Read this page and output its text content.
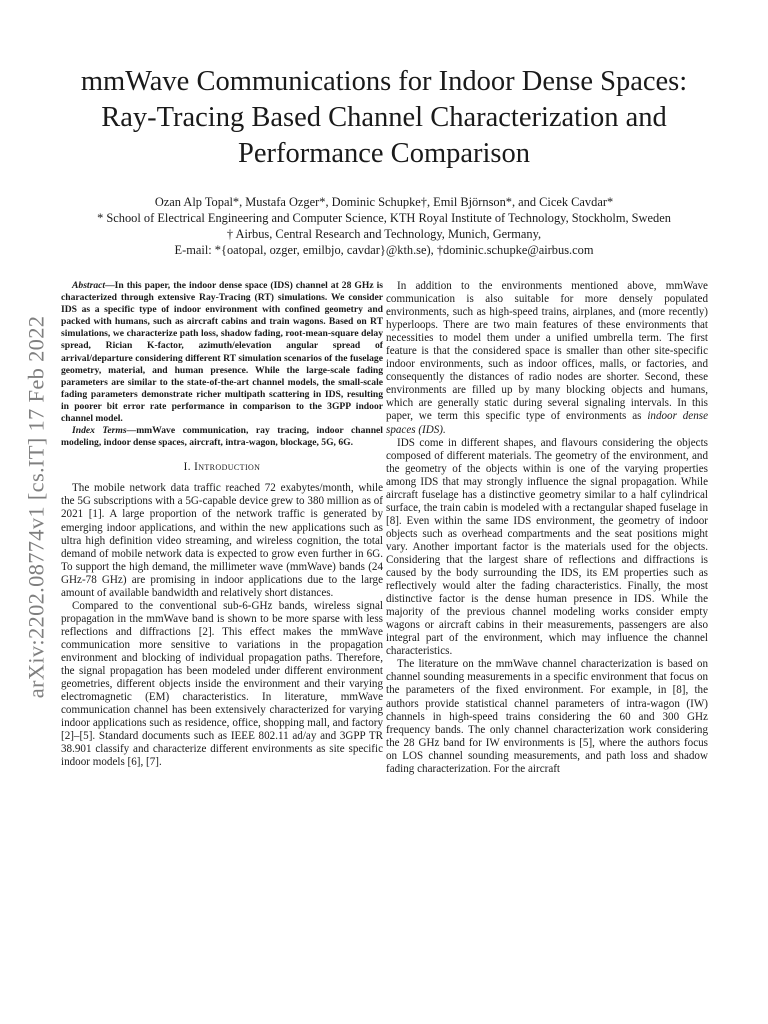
arXiv:2202.08774v1 [cs.IT] 17 Feb 2022
mmWave Communications for Indoor Dense Spaces: Ray-Tracing Based Channel Characterization and Performance Comparison
Ozan Alp Topal*, Mustafa Ozger*, Dominic Schupke†, Emil Björnson*, and Cicek Cavdar*
* School of Electrical Engineering and Computer Science, KTH Royal Institute of Technology, Stockholm, Sweden
† Airbus, Central Research and Technology, Munich, Germany,
E-mail: *{oatopal, ozger, emilbjo, cavdar}@kth.se), †dominic.schupke@airbus.com

Abstract—In this paper, the indoor dense space (IDS) channel at 28 GHz is characterized through extensive Ray-Tracing (RT) simulations. We consider IDS as a specific type of indoor environment with confined geometry and packed with humans, such as aircraft cabins and train wagons. Based on RT simulations, we characterize path loss, shadow fading, root-mean-square delay spread, Rician K-factor, azimuth/elevation angular spread of arrival/departure considering different RT simulation scenarios of the fuselage geometry, material, and human presence. While the large-scale fading parameters are similar to the state-of-the-art channel models, the small-scale fading parameters demonstrate richer multipath scattering in IDS, resulting in poorer bit error rate performance in comparison to the 3GPP indoor channel model.

Index Terms—mmWave communication, ray tracing, indoor channel modeling, indoor dense spaces, aircraft, intra-wagon, blockage, 5G, 6G.

I. Introduction

The mobile network data traffic reached 72 exabytes/month, while the 5G subscriptions with a 5G-capable device grew to 380 million as of 2021 [1]. A large proportion of the network traffic is generated by emerging indoor applications, and within the new applications such as ultra high definition video streaming, and wireless cognition, the total demand of mobile network data is expected to grow even further in 6G. To support the high demand, the millimeter wave (mmWave) bands (24 GHz-78 GHz) are promising in indoor applications due to the large amount of available bandwidth and relatively short distances.

Compared to the conventional sub-6-GHz bands, wireless signal propagation in the mmWave band is shown to be more sparse with less reflections and diffractions [2]. This effect makes the mmWave communication more sensitive to variations in the propagation environment and blocking of individual propagation paths. Therefore, the signal propagation has been modeled under different environment geometries, different objects inside the environment and their varying electromagnetic (EM) characteristics. In literature, mmWave communication channel has been extensively characterized for varying indoor applications such as residence, office, shopping mall, and factory [2]–[5]. Standard documents such as IEEE 802.11 ad/ay and 3GPP TR 38.901 classify and characterize different environments as site specific indoor models [6], [7].

In addition to the environments mentioned above, mmWave communication is also suitable for more densely populated environments, such as high-speed trains, airplanes, and (more recently) hyperloops. There are two main features of these environments that necessities to model them under a unified umbrella term. The first feature is that the considered space is smaller than other site-specific indoor environments, such as indoor offices, malls, or factories, and consequently the distances of radio nodes are shorter. Second, these environments are filled up by many blocking objects and humans, which are generally static during several signaling intervals. In this paper, we term this specific type of environments as indoor dense spaces (IDS).

IDS come in different shapes, and flavours considering the objects composed of different materials. The geometry of the environment, and the geometry of the objects within is one of the varying properties among IDS that may strongly influence the signal propagation. While aircraft fuselage has a distinctive geometry similar to a half cylindrical surface, the train cabin is modeled with a rectangular shaped fuselage in [8]. Even within the same IDS environment, the geometry of indoor objects such as overhead compartments and the seat positions might vary. Another important factor is the materials used for the objects. Considering that the largest share of reflections and diffractions is caused by the body surrounding the IDS, its EM properties such as reflectively would alter the fading characteristics. Finally, the most distinctive factor is the dense human presence in IDS. While the majority of the previous channel modeling works consider empty wagons or aircraft cabins in their measurements, passengers are also integral part of the environment, which may influence the channel characteristics.

The literature on the mmWave channel characterization is based on channel sounding measurements in a specific environment that focus on the parameters of the fixed environment. For example, in [8], the authors provide statistical channel parameters of intra-wagon (IW) channels in high-speed trains considering the 60 and 300 GHz frequency bands. The only channel characterization work considering the 28 GHz band for IW environments is [5], where the authors focus on LOS channel sounding measurements, and path loss and shadow fading characterization. For the aircraft
